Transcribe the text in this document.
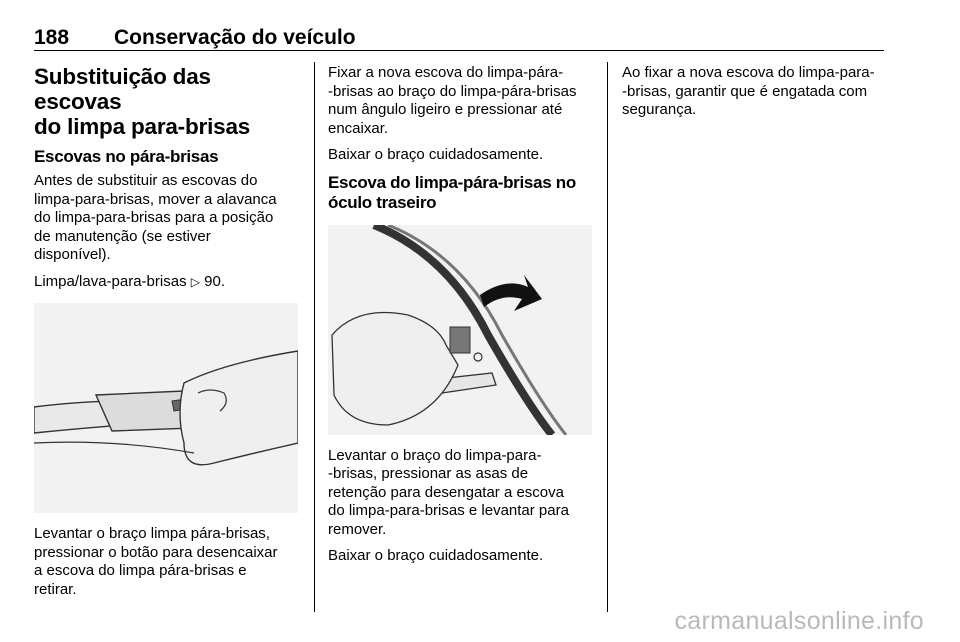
188 Conservação do veículo
Substituição das escovas
do limpa para-brisas
Escovas no pára-brisas
Antes de substituir as escovas do
limpa-para-brisas, mover a alavanca
do limpa-para-brisas para a posição
de manutenção (se estiver
disponível).
Limpa/lava-para-brisas ▷ 90.
Levantar o braço limpa pára-brisas,
pressionar o botão para desencaixar
a escova do limpa pára-brisas e
retirar.
Fixar a nova escova do limpa-pára-
-brisas ao braço do limpa-pára-brisas
num ângulo ligeiro e pressionar até
encaixar.
Baixar o braço cuidadosamente.
Escova do limpa-pára-brisas no
óculo traseiro
Levantar o braço do limpa-para-
-brisas, pressionar as asas de
retenção para desengatar a escova
do limpa-para-brisas e levantar para
remover.
Baixar o braço cuidadosamente.
Ao fixar a nova escova do limpa-para-
-brisas, garantir que é engatada com
segurança.
carmanualsonline.info
